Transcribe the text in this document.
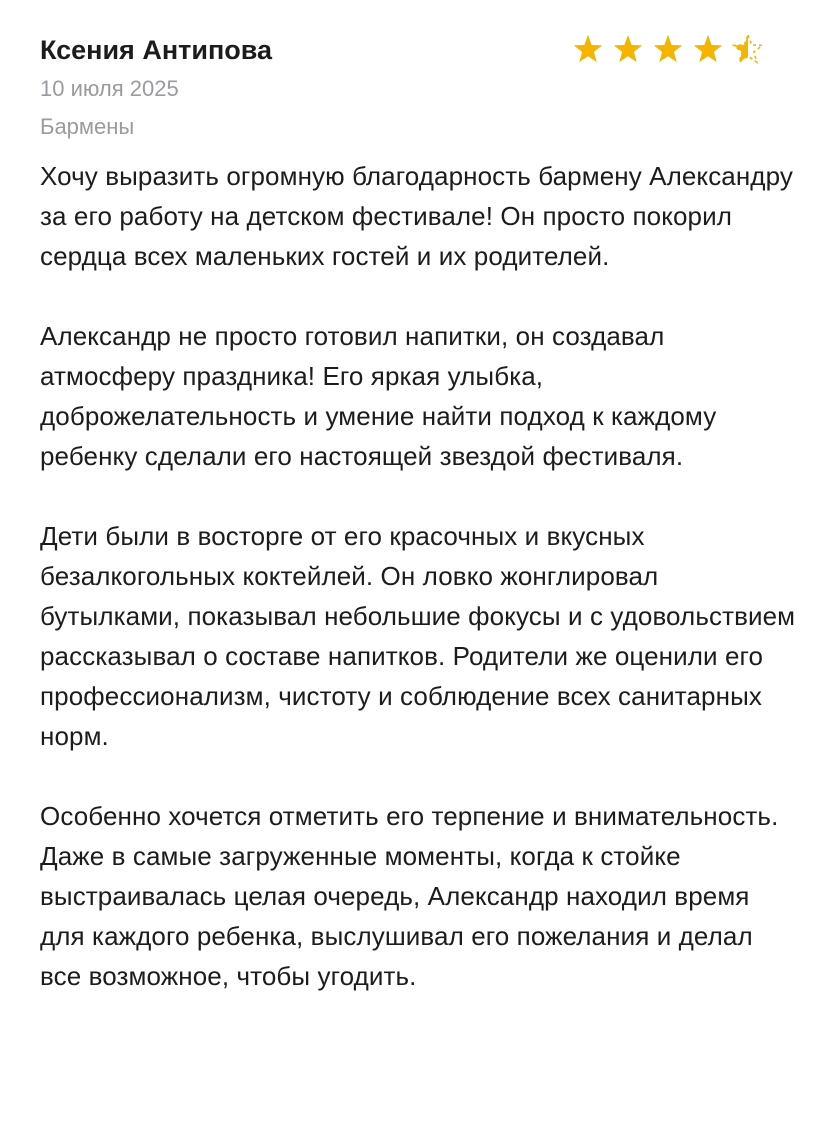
Ксения Антипова
10 июля 2025
Бармены

Хочу выразить огромную благодарность бармену Александру за его работу на детском фестивале! Он просто покорил сердца всех маленьких гостей и их родителей.

Александр не просто готовил напитки, он создавал атмосферу праздника! Его яркая улыбка, доброжелательность и умение найти подход к каждому ребенку сделали его настоящей звездой фестиваля.

Дети были в восторге от его красочных и вкусных безалкогольных коктейлей. Он ловко жонглировал бутылками, показывал небольшие фокусы и с удовольствием рассказывал о составе напитков. Родители же оценили его профессионализм, чистоту и соблюдение всех санитарных норм.

Особенно хочется отметить его терпение и внимательность. Даже в самые загруженные моменты, когда к стойке выстраивалась целая очередь, Александр находил время для каждого ребенка, выслушивал его пожелания и делал все возможное, чтобы угодить.
